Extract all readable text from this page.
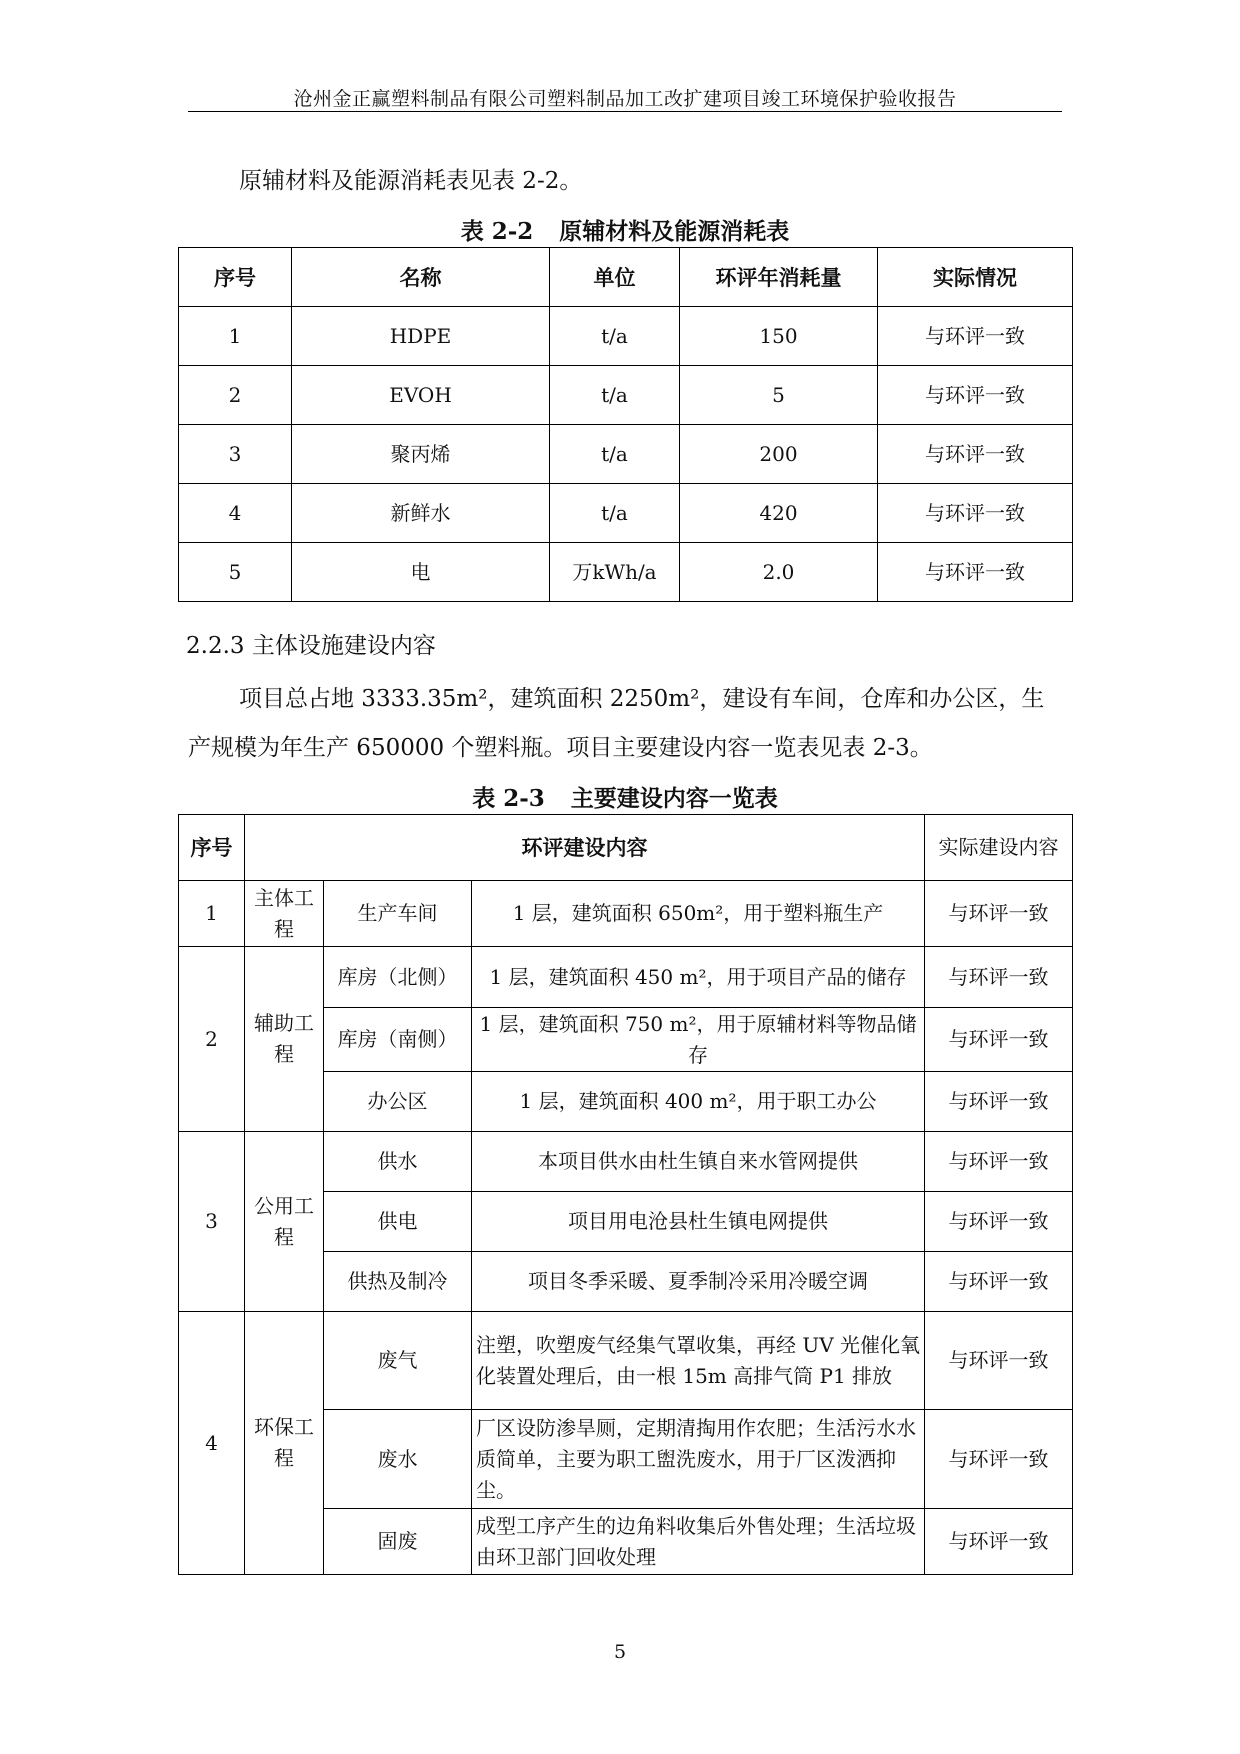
沧州金正赢塑料制品有限公司塑料制品加工改扩建项目竣工环境保护验收报告
原辅材料及能源消耗表见表 2-2。
表 2-2 原辅材料及能源消耗表
序号	名称	单位	环评年消耗量	实际情况
1	HDPE	t/a	150	与环评一致
2	EVOH	t/a	5	与环评一致
3	聚丙烯	t/a	200	与环评一致
4	新鲜水	t/a	420	与环评一致
5	电	万kWh/a	2.0	与环评一致
2.2.3 主体设施建设内容
项目总占地 3333.35m²，建筑面积 2250m²，建设有车间，仓库和办公区，生
产规模为年生产 650000 个塑料瓶。项目主要建设内容一览表见表 2-3。
表 2-3 主要建设内容一览表
序号	环评建设内容			实际建设内容
1	主体工程	生产车间	1 层，建筑面积 650m²，用于塑料瓶生产	与环评一致
2	辅助工程	库房（北侧）	1 层，建筑面积 450 m²，用于项目产品的储存	与环评一致
		库房（南侧）	1 层，建筑面积 750 m²，用于原辅材料等物品储存	与环评一致
		办公区	1 层，建筑面积 400 m²，用于职工办公	与环评一致
3	公用工程	供水	本项目供水由杜生镇自来水管网提供	与环评一致
		供电	项目用电沧县杜生镇电网提供	与环评一致
		供热及制冷	项目冬季采暖、夏季制冷采用冷暖空调	与环评一致
4	环保工程	废气	注塑，吹塑废气经集气罩收集，再经 UV 光催化氧化装置处理后，由一根 15m 高排气筒 P1 排放	与环评一致
		废水	厂区设防渗旱厕，定期清掏用作农肥；生活污水水质简单，主要为职工盥洗废水，用于厂区泼洒抑尘。	与环评一致
		固废	成型工序产生的边角料收集后外售处理；生活垃圾由环卫部门回收处理	与环评一致
5
